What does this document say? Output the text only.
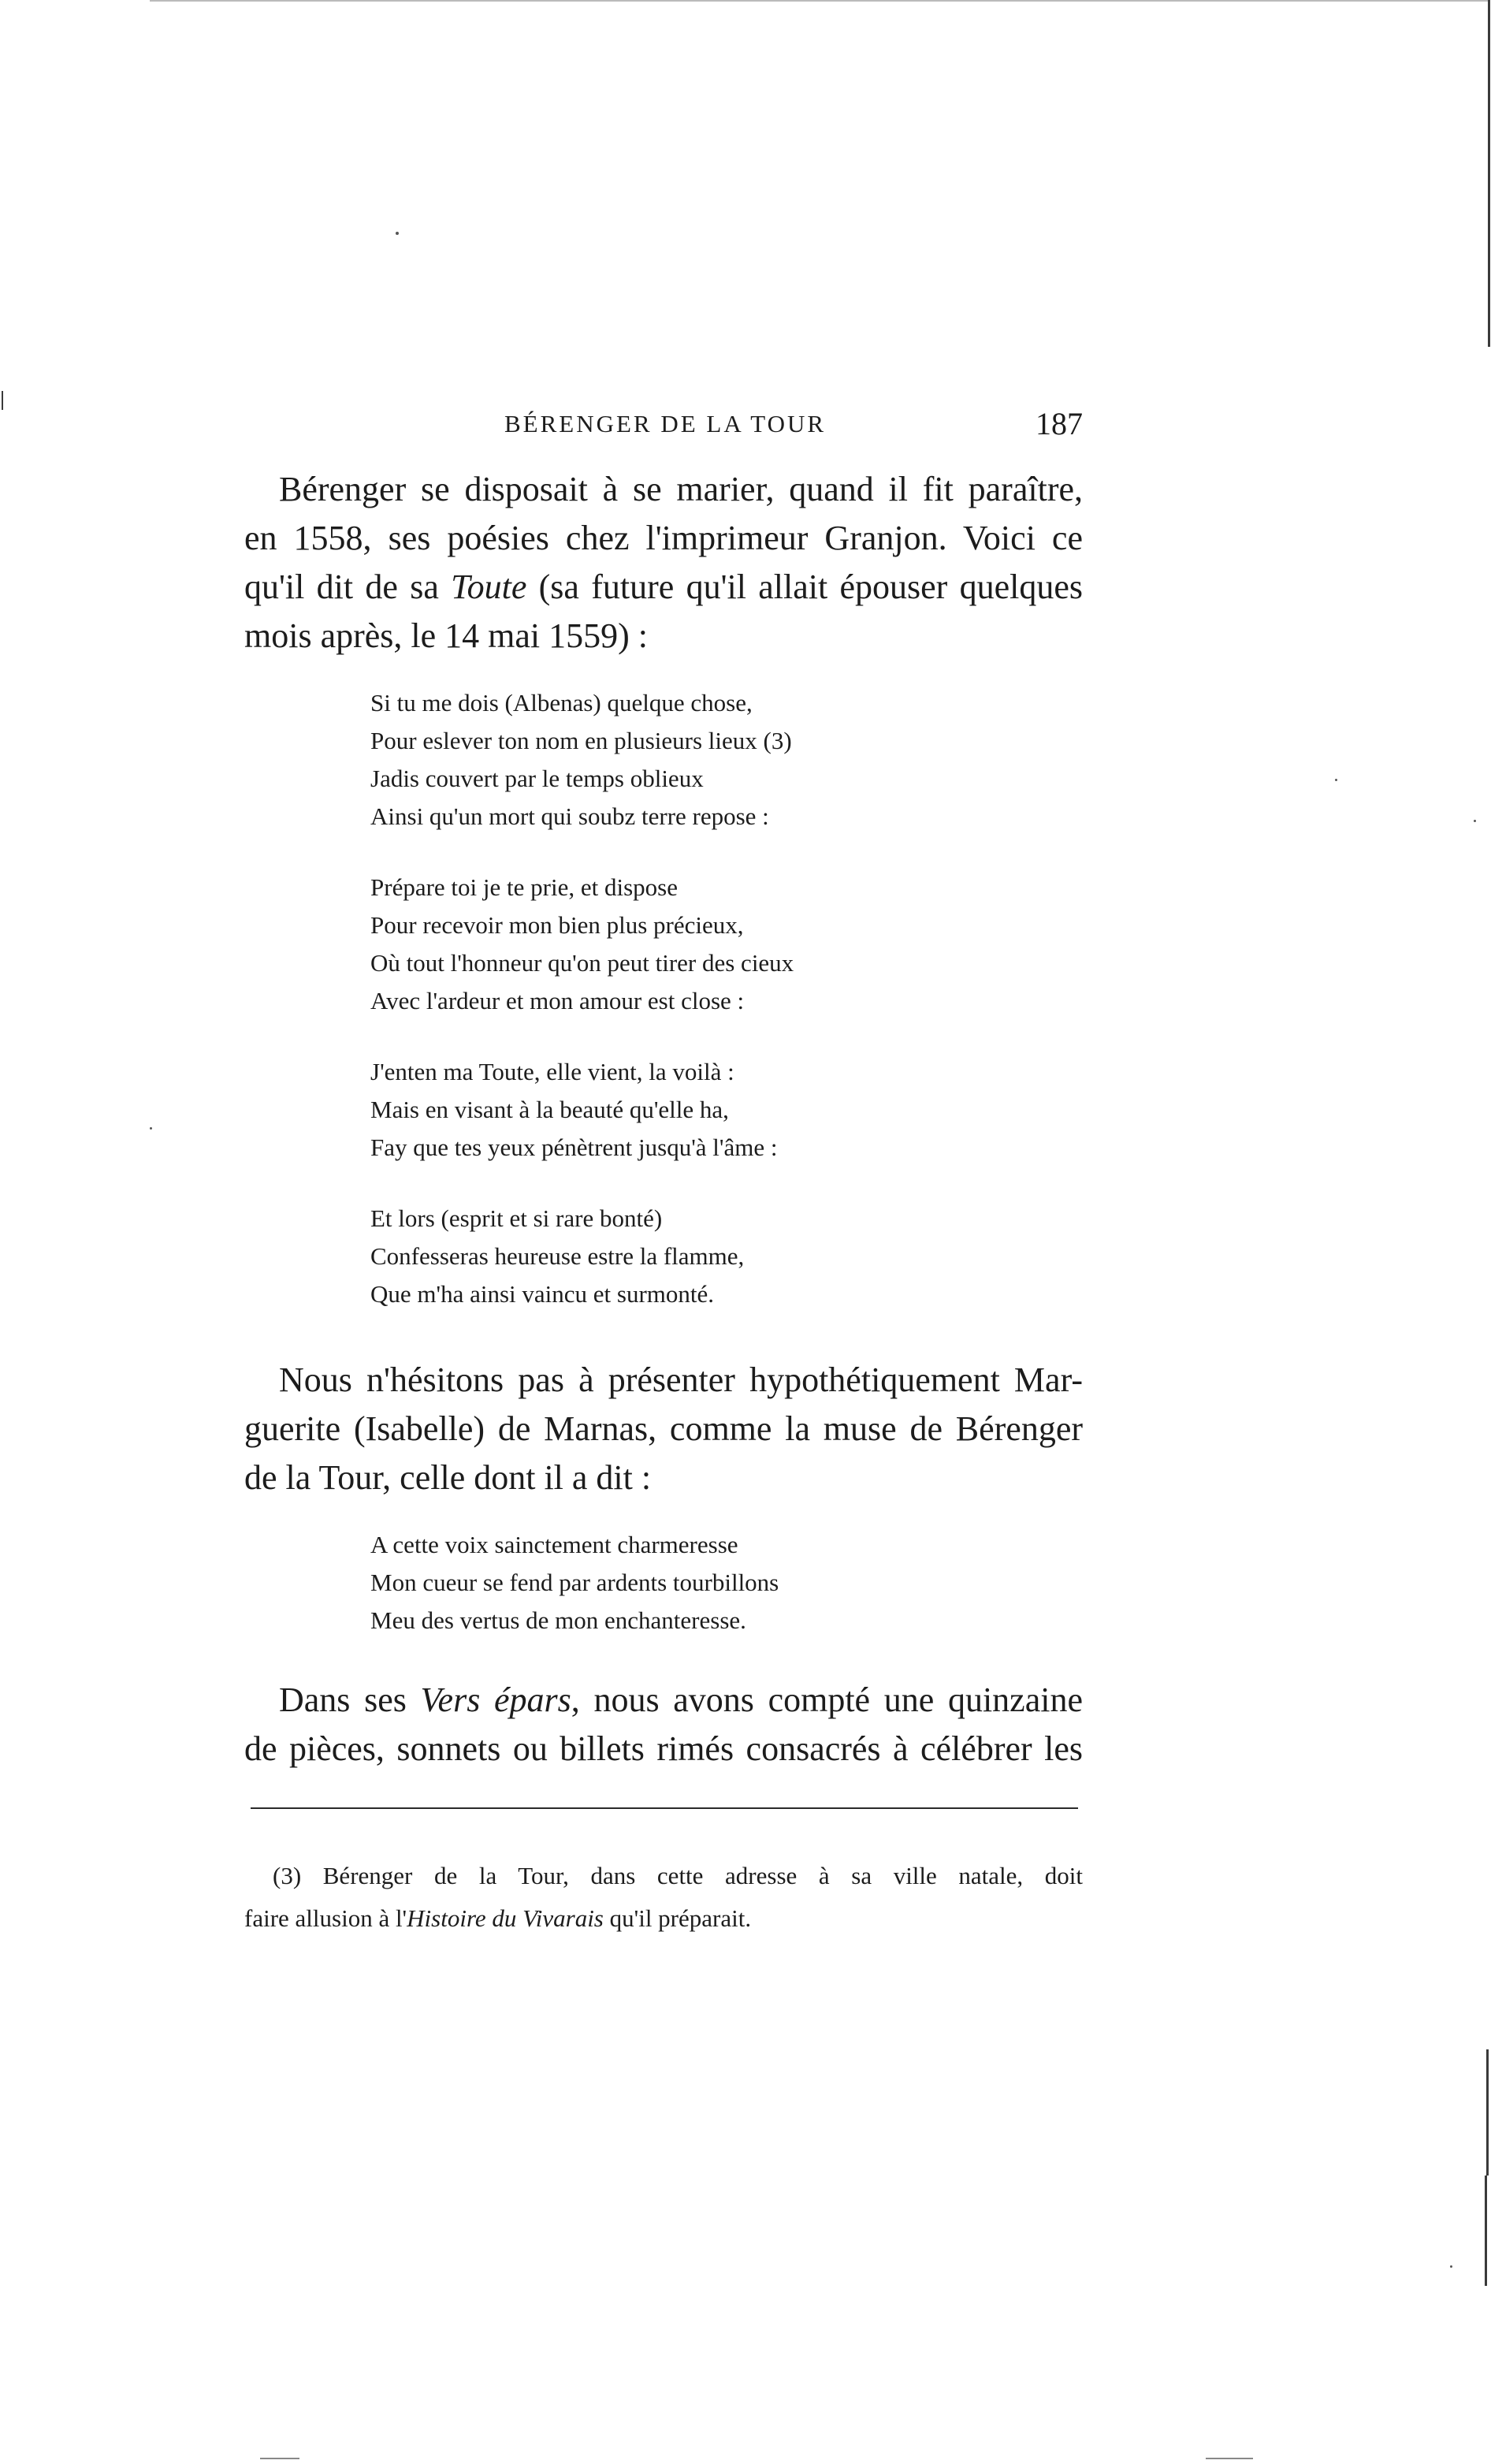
BÉRENGER DE LA TOUR	187

Bérenger se disposait à se marier, quand il fit paraître,
en 1558, ses poésies chez l'imprimeur Granjon. Voici ce
qu'il dit de sa Toute (sa future qu'il allait épouser quelques
mois après, le 14 mai 1559) :

Si tu me dois (Albenas) quelque chose,
Pour eslever ton nom en plusieurs lieux (3)
Jadis couvert par le temps oblieux
Ainsi qu'un mort qui soubz terre repose :
Prépare toi je te prie, et dispose
Pour recevoir mon bien plus précieux,
Où tout l'honneur qu'on peut tirer des cieux
Avec l'ardeur et mon amour est close :
J'enten ma Toute, elle vient, la voilà :
Mais en visant à la beauté qu'elle ha,
Fay que tes yeux pénètrent jusqu'à l'âme :
Et lors (esprit et si rare bonté)
Confesseras heureuse estre la flamme,
Que m'ha ainsi vaincu et surmonté.

Nous n'hésitons pas à présenter hypothétiquement Mar-
guerite (Isabelle) de Marnas, comme la muse de Bérenger
de la Tour, celle dont il a dit :

A cette voix sainctement charmeresse
Mon cueur se fend par ardents tourbillons
Meu des vertus de mon enchanteresse.

Dans ses Vers épars, nous avons compté une quinzaine
de pièces, sonnets ou billets rimés consacrés à célébrer les

(3) Bérenger de la Tour, dans cette adresse à sa ville natale, doit
faire allusion à l'Histoire du Vivarais qu'il préparait.
